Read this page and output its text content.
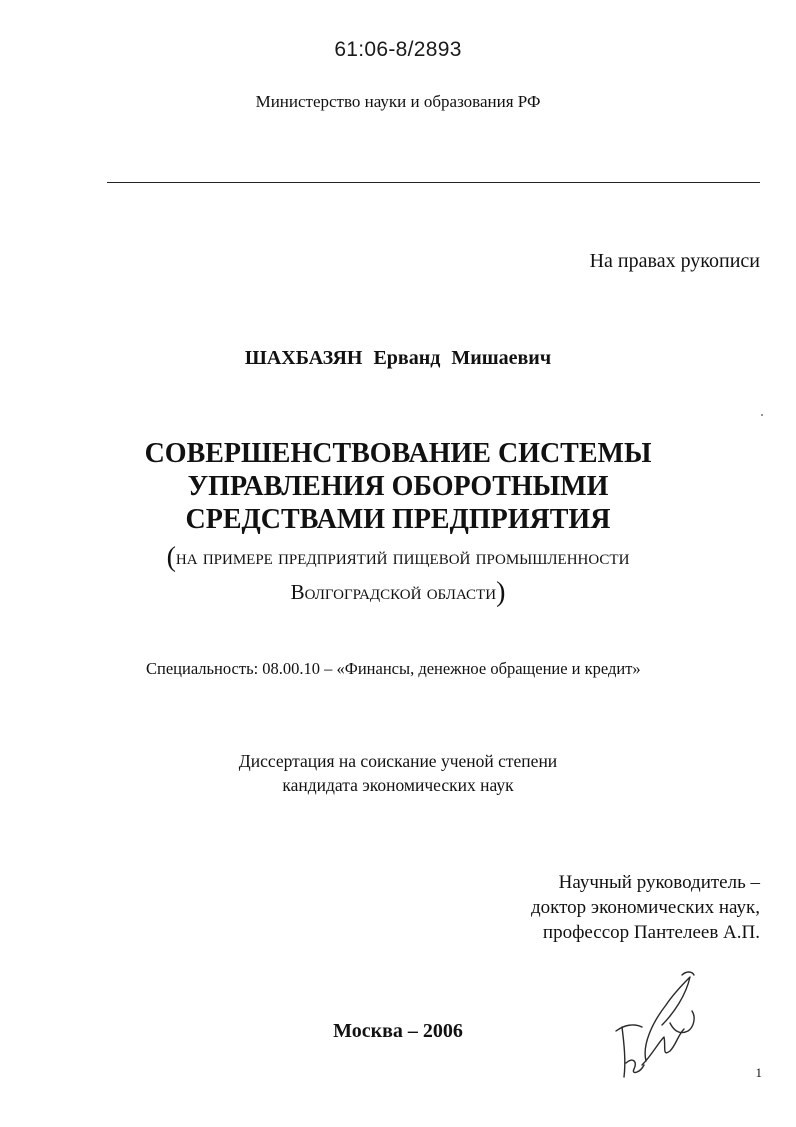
61:06-8/2893
Министерство науки и образования РФ
На правах рукописи
ШАХБАЗЯН Ерванд Мишаевич
СОВЕРШЕНСТВОВАНИЕ СИСТЕМЫ
УПРАВЛЕНИЯ ОБОРОТНЫМИ
СРЕДСТВАМИ ПРЕДПРИЯТИЯ
(на примере предприятий пищевой промышленности
Волгоградской области)
Специальность: 08.00.10 – «Финансы, денежное обращение и кредит»
Диссертация на соискание ученой степени
кандидата экономических наук
Научный руководитель –
доктор экономических наук,
профессор Пантелеев А.П.
Москва – 2006
1
